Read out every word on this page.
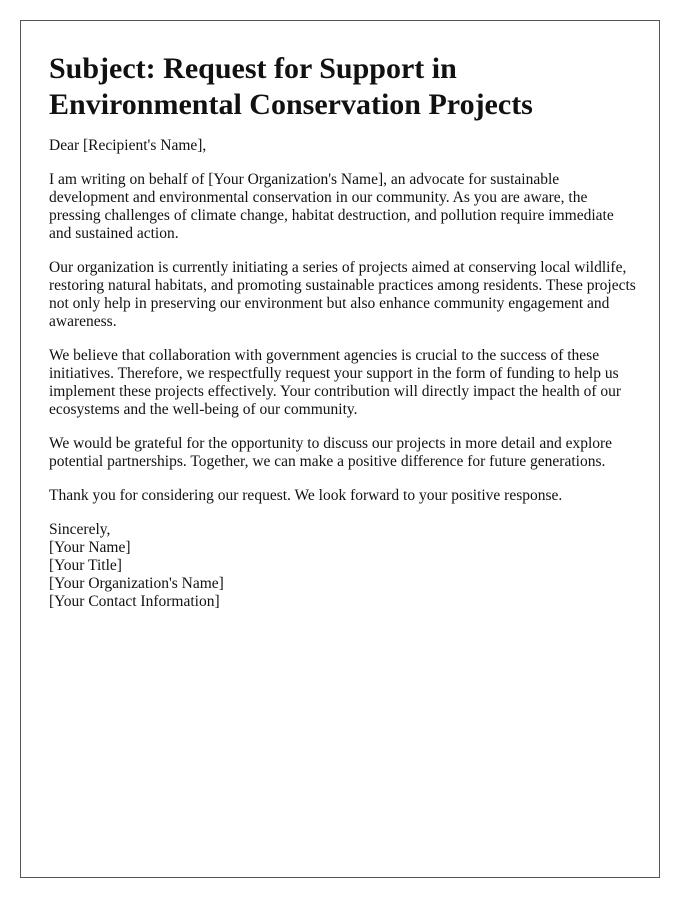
Subject: Request for Support in Environmental Conservation Projects

Dear [Recipient's Name],

I am writing on behalf of [Your Organization's Name], an advocate for sustainable development and environmental conservation in our community. As you are aware, the pressing challenges of climate change, habitat destruction, and pollution require immediate and sustained action.

Our organization is currently initiating a series of projects aimed at conserving local wildlife, restoring natural habitats, and promoting sustainable practices among residents. These projects not only help in preserving our environment but also enhance community engagement and awareness.

We believe that collaboration with government agencies is crucial to the success of these initiatives. Therefore, we respectfully request your support in the form of funding to help us implement these projects effectively. Your contribution will directly impact the health of our ecosystems and the well-being of our community.

We would be grateful for the opportunity to discuss our projects in more detail and explore potential partnerships. Together, we can make a positive difference for future generations.

Thank you for considering our request. We look forward to your positive response.

Sincerely,
[Your Name]
[Your Title]
[Your Organization's Name]
[Your Contact Information]
